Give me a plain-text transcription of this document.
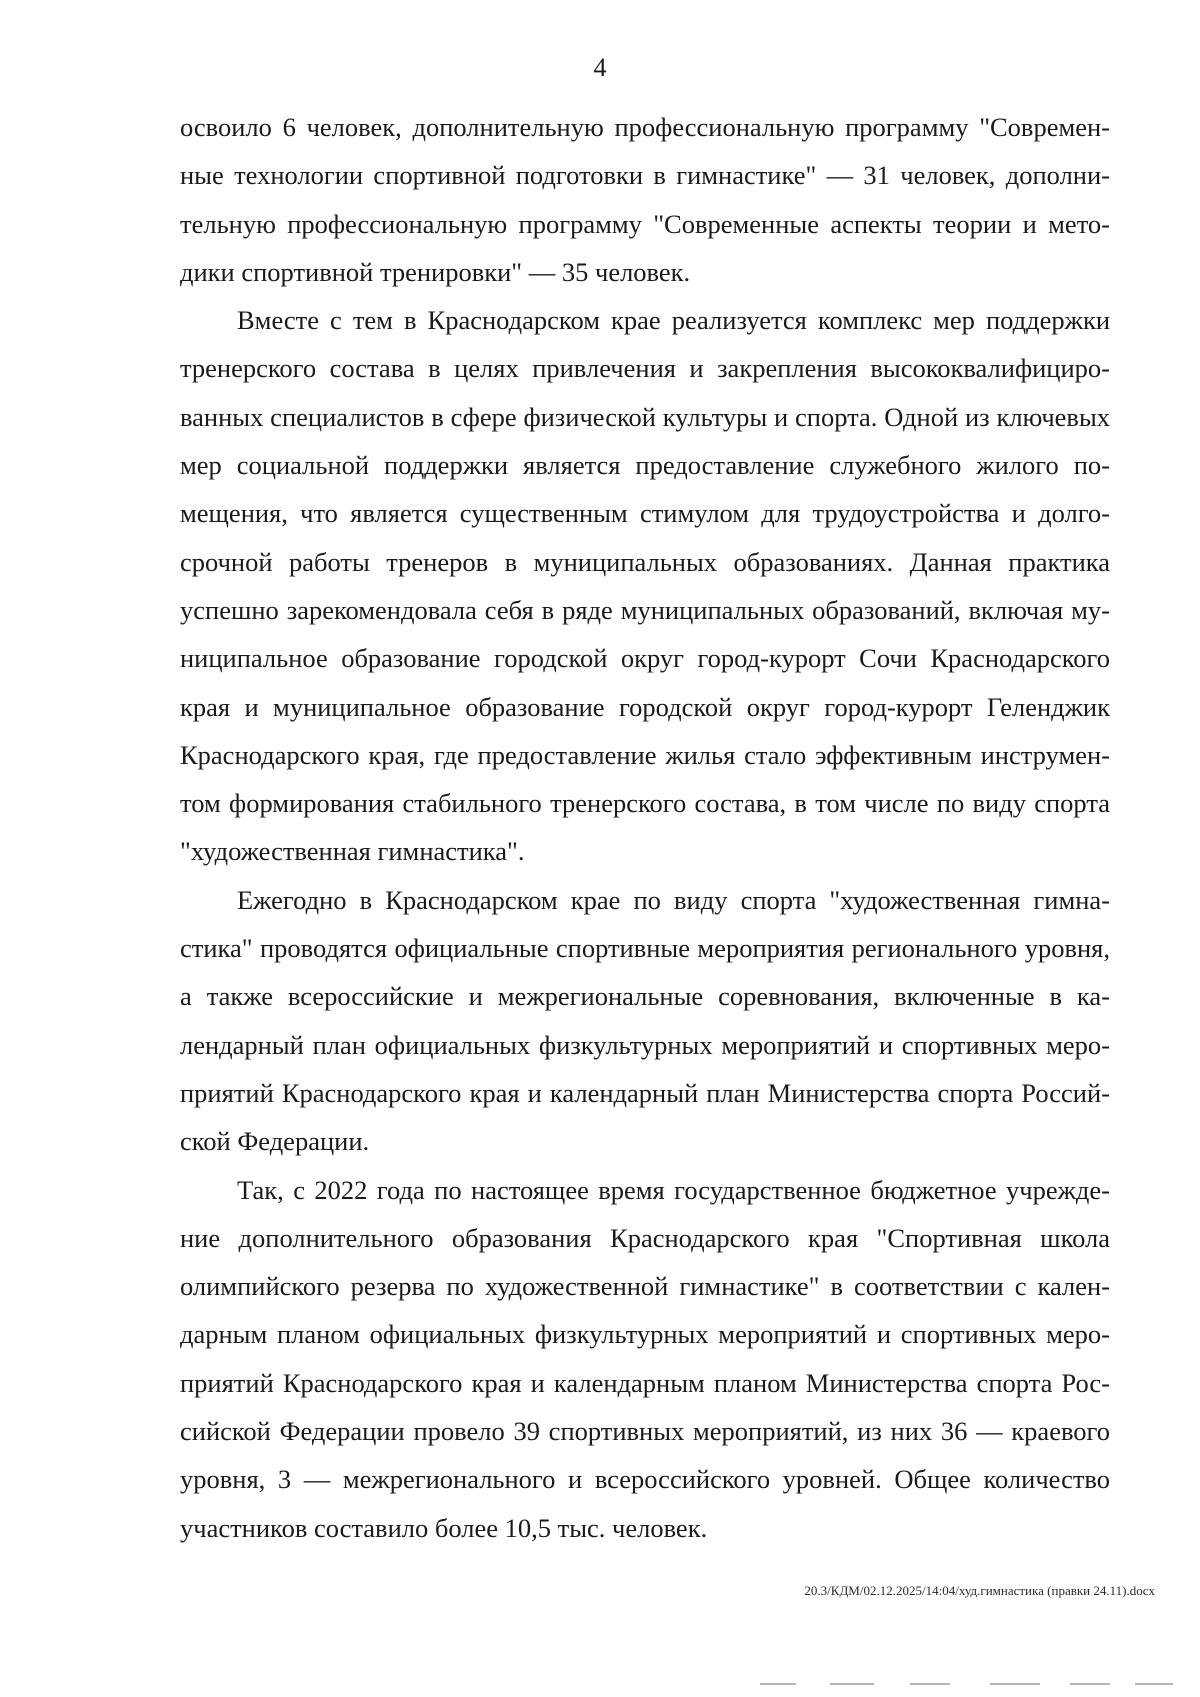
4

освоило 6 человек, дополнительную профессиональную программу "Современные технологии спортивной подготовки в гимнастике" — 31 человек, дополнительную профессиональную программу "Современные аспекты теории и методики спортивной тренировки" — 35 человек.

Вместе с тем в Краснодарском крае реализуется комплекс мер поддержки тренерского состава в целях привлечения и закрепления высококвалифицированных специалистов в сфере физической культуры и спорта. Одной из ключевых мер социальной поддержки является предоставление служебного жилого помещения, что является существенным стимулом для трудоустройства и долгосрочной работы тренеров в муниципальных образованиях. Данная практика успешно зарекомендовала себя в ряде муниципальных образований, включая муниципальное образование городской округ город-курорт Сочи Краснодарского края и муниципальное образование городской округ город-курорт Геленджик Краснодарского края, где предоставление жилья стало эффективным инструментом формирования стабильного тренерского состава, в том числе по виду спорта "художественная гимнастика".

Ежегодно в Краснодарском крае по виду спорта "художественная гимнастика" проводятся официальные спортивные мероприятия регионального уровня, а также всероссийские и межрегиональные соревнования, включенные в календарный план официальных физкультурных мероприятий и спортивных мероприятий Краснодарского края и календарный план Министерства спорта Российской Федерации.

Так, с 2022 года по настоящее время государственное бюджетное учреждение дополнительного образования Краснодарского края "Спортивная школа олимпийского резерва по художественной гимнастике" в соответствии с календарным планом официальных физкультурных мероприятий и спортивных мероприятий Краснодарского края и календарным планом Министерства спорта Российской Федерации провело 39 спортивных мероприятий, из них 36 — краевого уровня, 3 — межрегионального и всероссийского уровней. Общее количество участников составило более 10,5 тыс. человек.

20.3/КДМ/02.12.2025/14:04/худ.гимнастика (правки 24.11).docx
